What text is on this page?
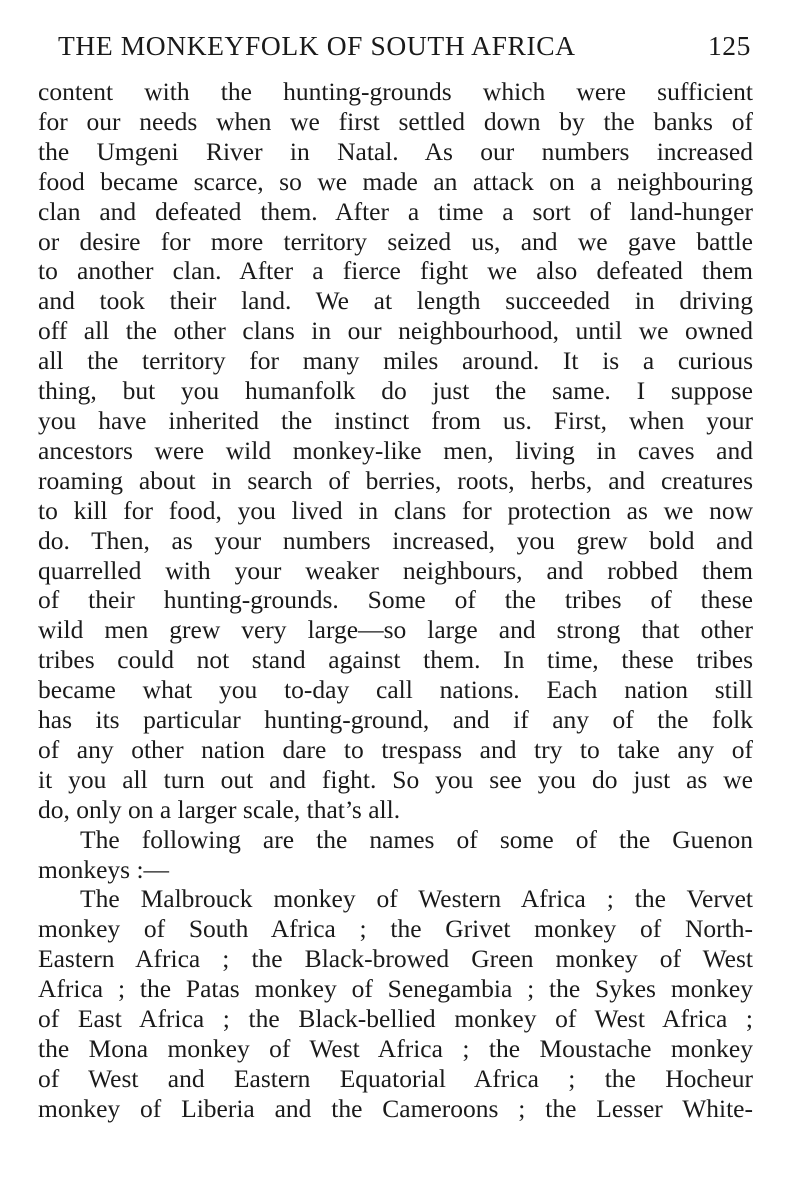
THE MONKEYFOLK OF SOUTH AFRICA	125

content with the hunting-grounds which were sufficient
for our needs when we first settled down by the banks of
the Umgeni River in Natal. As our numbers increased
food became scarce, so we made an attack on a neighbouring
clan and defeated them. After a time a sort of land-hunger
or desire for more territory seized us, and we gave battle
to another clan. After a fierce fight we also defeated them
and took their land. We at length succeeded in driving
off all the other clans in our neighbourhood, until we owned
all the territory for many miles around. It is a curious
thing, but you humanfolk do just the same. I suppose
you have inherited the instinct from us. First, when your
ancestors were wild monkey-like men, living in caves and
roaming about in search of berries, roots, herbs, and creatures
to kill for food, you lived in clans for protection as we now
do. Then, as your numbers increased, you grew bold and
quarrelled with your weaker neighbours, and robbed them
of their hunting-grounds. Some of the tribes of these
wild men grew very large—so large and strong that other
tribes could not stand against them. In time, these tribes
became what you to-day call nations. Each nation still
has its particular hunting-ground, and if any of the folk
of any other nation dare to trespass and try to take any of
it you all turn out and fight. So you see you do just as we
do, only on a larger scale, that’s all.

The following are the names of some of the Guenon
monkeys :—

The Malbrouck monkey of Western Africa ; the Vervet
monkey of South Africa ; the Grivet monkey of North-
Eastern Africa ; the Black-browed Green monkey of West
Africa ; the Patas monkey of Senegambia ; the Sykes monkey
of East Africa ; the Black-bellied monkey of West Africa ;
the Mona monkey of West Africa ; the Moustache monkey
of West and Eastern Equatorial Africa ; the Hocheur
monkey of Liberia and the Cameroons ; the Lesser White-
